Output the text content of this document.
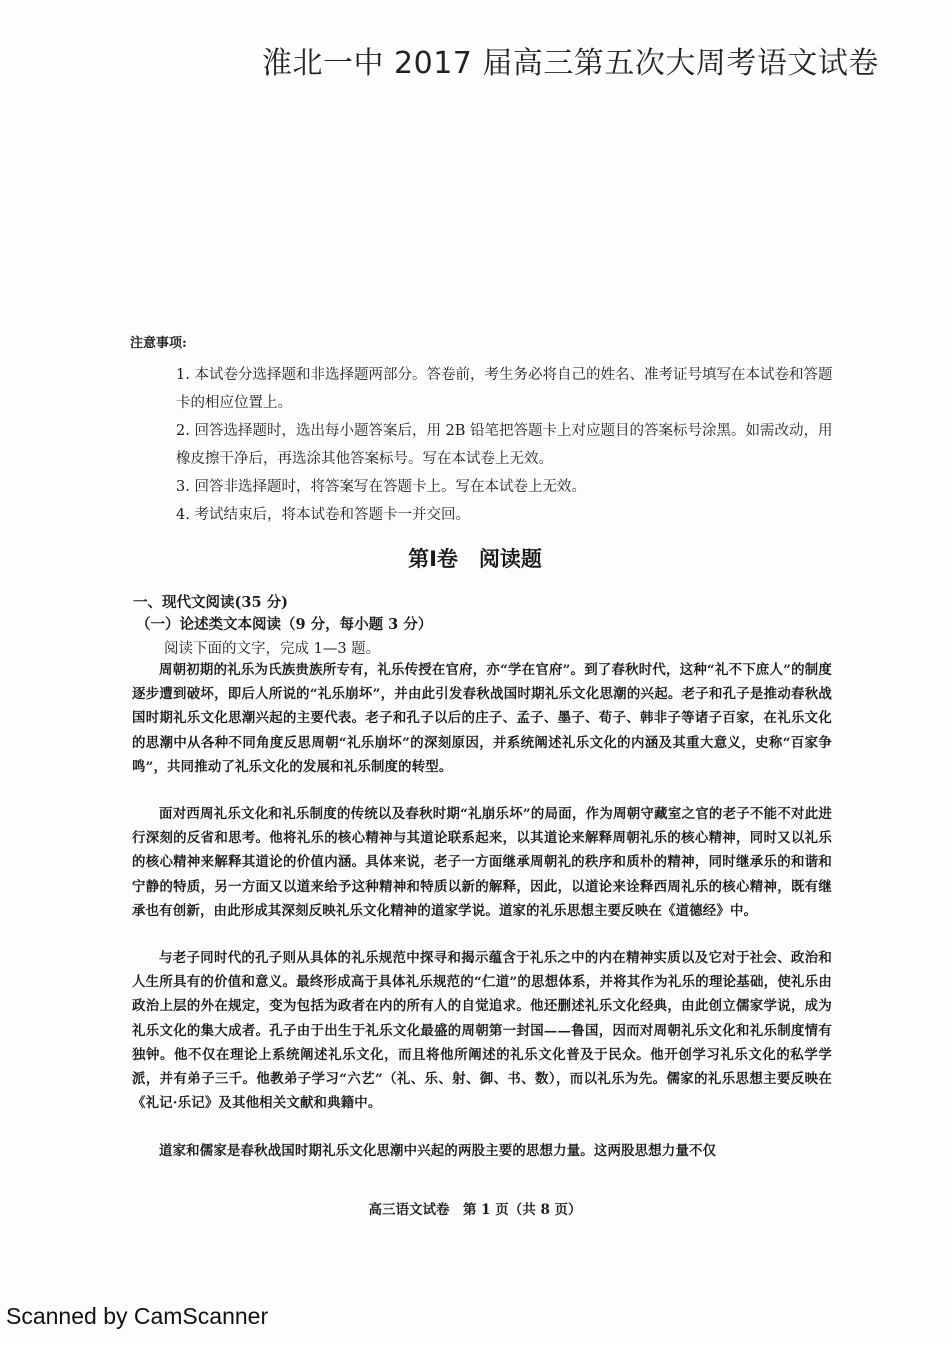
淮北一中 2017 届高三第五次大周考语文试卷
注意事项:
1. 本试卷分选择题和非选择题两部分。答卷前，考生务必将自己的姓名、准考证号填写在本试卷和答题卡的相应位置上。
2. 回答选择题时，选出每小题答案后，用 2B 铅笔把答题卡上对应题目的答案标号涂黑。如需改动，用橡皮擦干净后，再选涂其他答案标号。写在本试卷上无效。
3. 回答非选择题时，将答案写在答题卡上。写在本试卷上无效。
4. 考试结束后，将本试卷和答题卡一并交回。
第Ⅰ卷　阅读题
一、现代文阅读(35 分)
（一）论述类文本阅读（9 分，每小题 3 分）
阅读下面的文字，完成 1—3 题。
周朝初期的礼乐为氏族贵族所专有，礼乐传授在官府，亦“学在官府”。到了春秋时代，这种“礼不下庶人”的制度逐步遭到破坏，即后人所说的“礼乐崩坏”，并由此引发春秋战国时期礼乐文化思潮的兴起。老子和孔子是推动春秋战国时期礼乐文化思潮兴起的主要代表。老子和孔子以后的庄子、孟子、墨子、荀子、韩非子等诸子百家，在礼乐文化的思潮中从各种不同角度反思周朝“礼乐崩坏”的深刻原因，并系统阐述礼乐文化的内涵及其重大意义，史称“百家争鸣”，共同推动了礼乐文化的发展和礼乐制度的转型。
面对西周礼乐文化和礼乐制度的传统以及春秋时期“礼崩乐坏”的局面，作为周朝守藏室之官的老子不能不对此进行深刻的反省和思考。他将礼乐的核心精神与其道论联系起来，以其道论来解释周朝礼乐的核心精神，同时又以礼乐的核心精神来解释其道论的价值内涵。具体来说，老子一方面继承周朝礼的秩序和质朴的精神，同时继承乐的和谐和宁静的特质，另一方面又以道来给予这种精神和特质以新的解释，因此，以道论来诠释西周礼乐的核心精神，既有继承也有创新，由此形成其深刻反映礼乐文化精神的道家学说。道家的礼乐思想主要反映在《道德经》中。
与老子同时代的孔子则从具体的礼乐规范中探寻和揭示蕴含于礼乐之中的内在精神实质以及它对于社会、政治和人生所具有的价值和意义。最终形成高于具体礼乐规范的“仁道”的思想体系，并将其作为礼乐的理论基础，使礼乐由政治上层的外在规定，变为包括为政者在内的所有人的自觉追求。他还删述礼乐文化经典，由此创立儒家学说，成为礼乐文化的集大成者。孔子由于出生于礼乐文化最盛的周朝第一封国——鲁国，因而对周朝礼乐文化和礼乐制度情有独钟。他不仅在理论上系统阐述礼乐文化，而且将他所阐述的礼乐文化普及于民众。他开创学习礼乐文化的私学学派，并有弟子三千。他教弟子学习“六艺”（礼、乐、射、御、书、数），而以礼乐为先。儒家的礼乐思想主要反映在《礼记·乐记》及其他相关文献和典籍中。
道家和儒家是春秋战国时期礼乐文化思潮中兴起的两股主要的思想力量。这两股思想力量不仅
高三语文试卷　第 1 页（共 8 页）
Scanned by CamScanner
